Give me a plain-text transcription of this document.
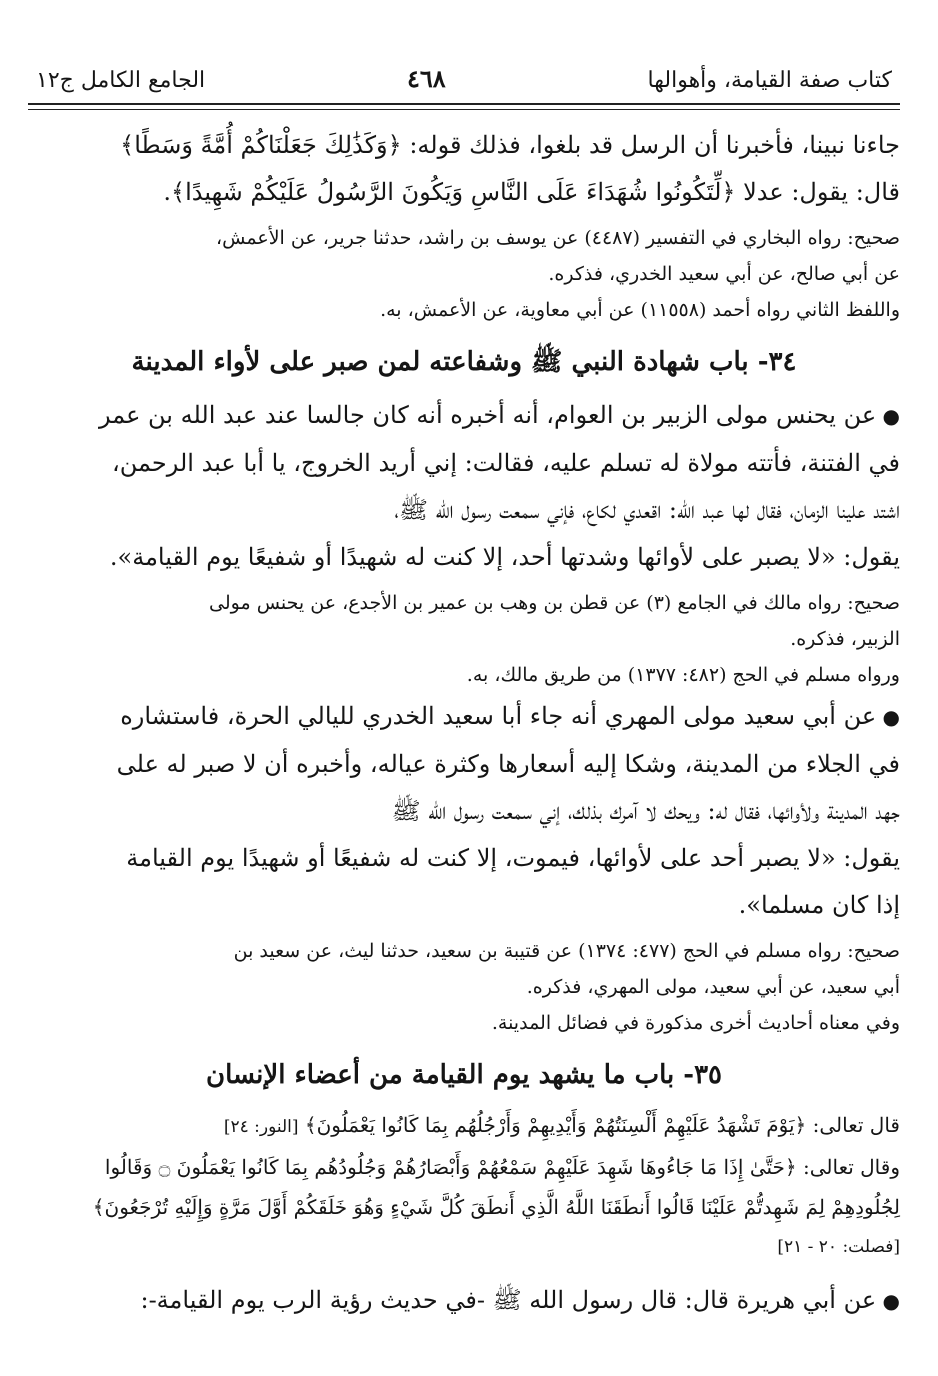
كتاب صفة القيامة، وأهوالها
٤٦٨
الجامع الكامل ج١٢

جاءنا نبينا، فأخبرنا أن الرسل قد بلغوا، فذلك قوله: ﴿وَكَذَٰلِكَ جَعَلْنَاكُمْ أُمَّةً وَسَطًا﴾

قال: يقول: عدلا ﴿لِّتَكُونُوا شُهَدَاءَ عَلَى النَّاسِ وَيَكُونَ الرَّسُولُ عَلَيْكُمْ شَهِيدًا﴾.

صحيح: رواه البخاري في التفسير (٤٤٨٧) عن يوسف بن راشد، حدثنا جرير، عن الأعمش،

عن أبي صالح، عن أبي سعيد الخدري، فذكره.

واللفظ الثاني رواه أحمد (١١٥٥٨) عن أبي معاوية، عن الأعمش، به.

٣٤- باب شهادة النبي ﷺ وشفاعته لمن صبر على لأواء المدينة

● عن يحنس مولى الزبير بن العوام، أنه أخبره أنه كان جالسا عند عبد الله بن عمر

في الفتنة، فأتته مولاة له تسلم عليه، فقالت: إني أريد الخروج، يا أبا عبد الرحمن،

اشتد علينا الزمان، فقال لها عبد الله: اقعدي لكاع، فإني سمعت رسول الله ﷺ،

يقول: «لا يصبر على لأوائها وشدتها أحد، إلا كنت له شهيدًا أو شفيعًا يوم القيامة».

صحيح: رواه مالك في الجامع (٣) عن قطن بن وهب بن عمير بن الأجدع، عن يحنس مولى

الزبير، فذكره.

ورواه مسلم في الحج (٤٨٢: ١٣٧٧) من طريق مالك، به.

● عن أبي سعيد مولى المهري أنه جاء أبا سعيد الخدري لليالي الحرة، فاستشاره

في الجلاء من المدينة، وشكا إليه أسعارها وكثرة عياله، وأخبره أن لا صبر له على

جهد المدينة ولأوائها، فقال له: ويحك لا آمرك بذلك، إني سمعت رسول الله ﷺ

يقول: «لا يصبر أحد على لأوائها، فيموت، إلا كنت له شفيعًا أو شهيدًا يوم القيامة

إذا كان مسلما».

صحيح: رواه مسلم في الحج (٤٧٧: ١٣٧٤) عن قتيبة بن سعيد، حدثنا ليث، عن سعيد بن

أبي سعيد، عن أبي سعيد، مولى المهري، فذكره.

وفي معناه أحاديث أخرى مذكورة في فضائل المدينة.

٣٥- باب ما يشهد يوم القيامة من أعضاء الإنسان

قال تعالى: ﴿يَوْمَ تَشْهَدُ عَلَيْهِمْ أَلْسِنَتُهُمْ وَأَيْدِيهِمْ وَأَرْجُلُهُم بِمَا كَانُوا يَعْمَلُونَ﴾ [النور: ٢٤]

وقال تعالى: ﴿حَتَّىٰ إِذَا مَا جَاءُوهَا شَهِدَ عَلَيْهِمْ سَمْعُهُمْ وَأَبْصَارُهُمْ وَجُلُودُهُم بِمَا كَانُوا يَعْمَلُونَ ۝ وَقَالُوا

لِجُلُودِهِمْ لِمَ شَهِدتُّمْ عَلَيْنَا قَالُوا أَنطَقَنَا اللَّهُ الَّذِي أَنطَقَ كُلَّ شَيْءٍ وَهُوَ خَلَقَكُمْ أَوَّلَ مَرَّةٍ وَإِلَيْهِ تُرْجَعُونَ﴾

[فصلت: ٢٠ - ٢١]

● عن أبي هريرة قال: قال رسول الله ﷺ -في حديث رؤية الرب يوم القيامة-:
